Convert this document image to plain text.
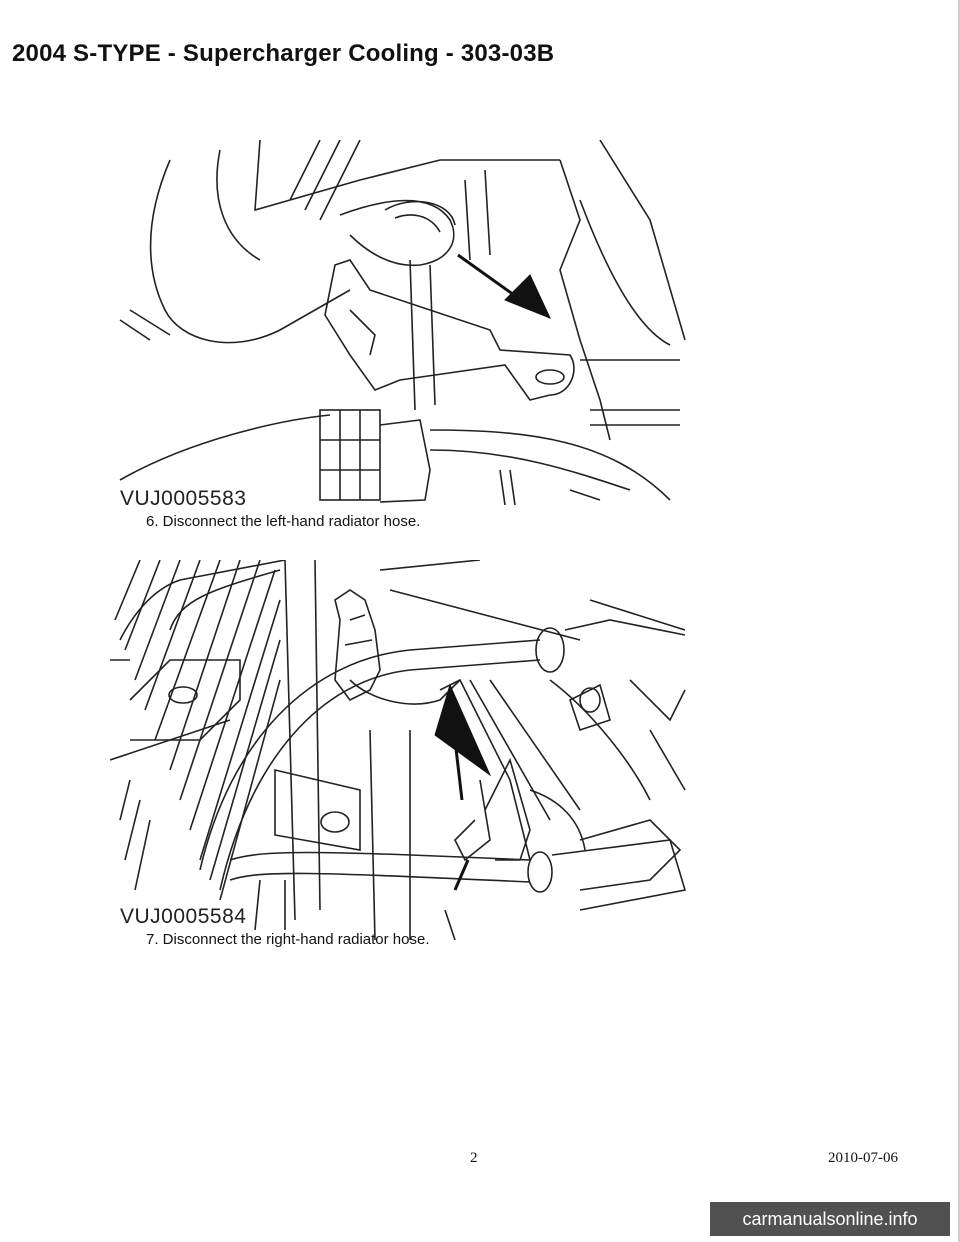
2004 S-TYPE - Supercharger Cooling - 303-03B
VUJ0005583
6. Disconnect the left-hand radiator hose.
VUJ0005584
7. Disconnect the right-hand radiator hose.
2	2010-07-06
carmanualsonline.info
